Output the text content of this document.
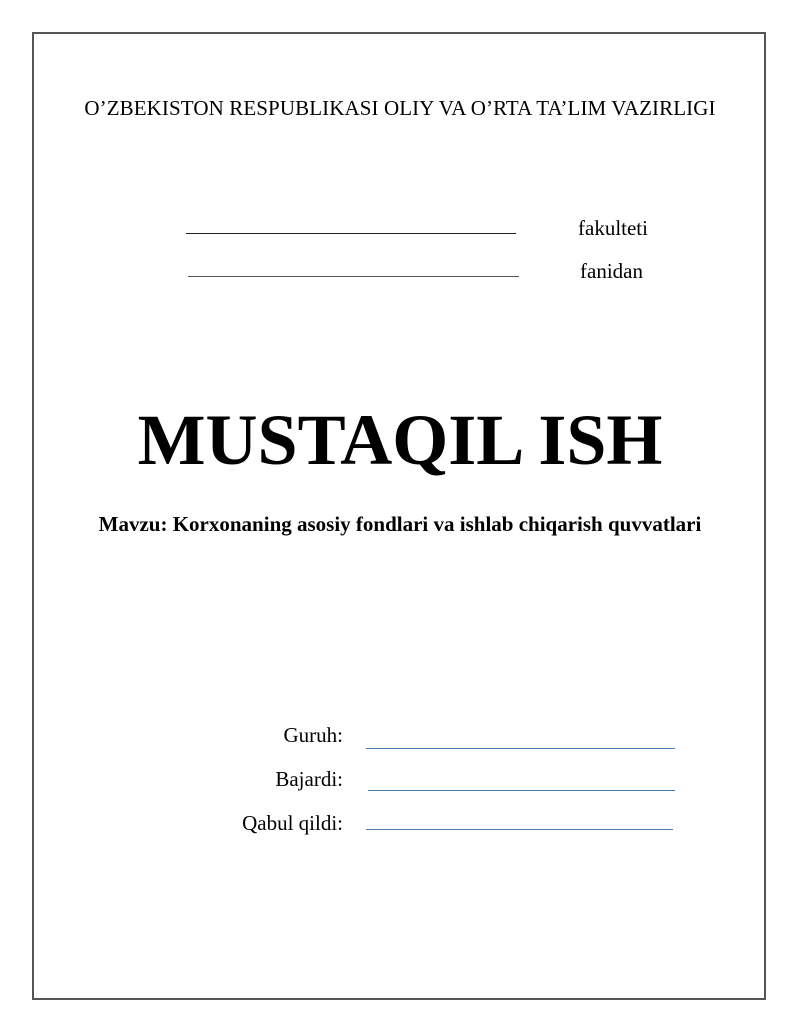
O’ZBEKISTON RESPUBLIKASI OLIY VA O’RTA TA’LIM VAZIRLIGI
fakulteti
fanidan
MUSTAQIL ISH
Mavzu: Korxonaning asosiy fondlari va ishlab chiqarish quvvatlari
Guruh:
Bajardi:
Qabul qildi:
